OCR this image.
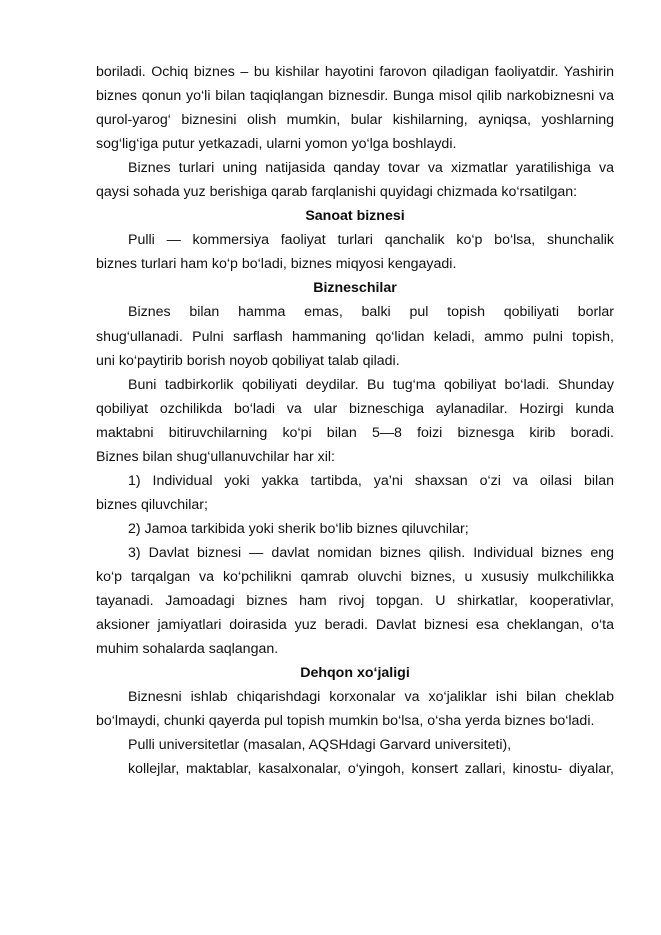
boriladi. Ochiq biznes – bu kishilar hayotini farovon qiladigan faoliyatdir. Yashirin
biznes qonun yo‘li bilan taqiqlangan biznesdir. Bunga misol qilib narkobiznesni va
qurol-yarog‘ biznesini olish mumkin, bular kishilarning, ayniqsa, yoshlarning
sog‘lig‘iga putur yetkazadi, ularni yomon yo‘lga boshlaydi.
Biznes turlari uning natijasida qanday tovar va xizmatlar yaratilishiga va
qaysi sohada yuz berishiga qarab farqlanishi quyidagi chizmada ko‘rsatilgan:
Sanoat biznesi
Pulli — kommersiya faoliyat turlari qanchalik ko‘p bo‘lsa, shunchalik
biznes turlari ham ko‘p bo‘ladi, biznes miqyosi kengayadi.
Biznesсhilar
Biznes bilan hamma emas, balki pul topish qobiliyati borlar
shug‘ullanadi. Pulni sarflash hammaning qo‘lidan keladi, ammo pulni topish,
uni ko‘paytirib borish noyob qobiliyat talab qiladi.
Buni tadbirkorlik qobiliyati deydilar. Bu tug‘ma qobiliyat bo‘ladi. Shunday
qobiliyat ozchilikda bo‘ladi va ular bizneschiga aylanadilar. Hozirgi kunda
maktabni bitiruvchilarning ko‘pi bilan 5—8 foizi biznesga kirib boradi.
Biznes bilan shug‘ullanuvchilar har xil:
1) Individual yoki yakka tartibda, ya’ni shaxsan o‘zi va oilasi bilan
biznes qiluvchilar;
2) Jamoa tarkibida yoki sherik bo‘lib biznes qiluvchilar;
3) Davlat biznesi — davlat nomidan biznes qilish. Individual biznes eng
ko‘p tarqalgan va ko‘pchilikni qamrab oluvchi biznes, u xususiy mulkchilikka
tayanadi. Jamoadagi biznes ham rivoj topgan. U shirkatlar, kooperativlar,
aksioner jamiyatlari doirasida yuz beradi. Davlat biznesi esa cheklangan, o‘ta
muhim sohalarda saqlangan.
Dehqon xo‘jaligi
Biznesni ishlab chiqarishdagi korxonalar va xo‘jaliklar ishi bilan cheklab
bo‘lmaydi, chunki qayerda pul topish mumkin bo‘lsa, o‘sha yerda biznes bo‘ladi.
Pulli universitetlar (masalan, AQSHdagi Garvard universiteti),
kollejlar, maktablar, kasalxonalar, o‘yingoh, konsert zallari, kinostu- diyalar,
